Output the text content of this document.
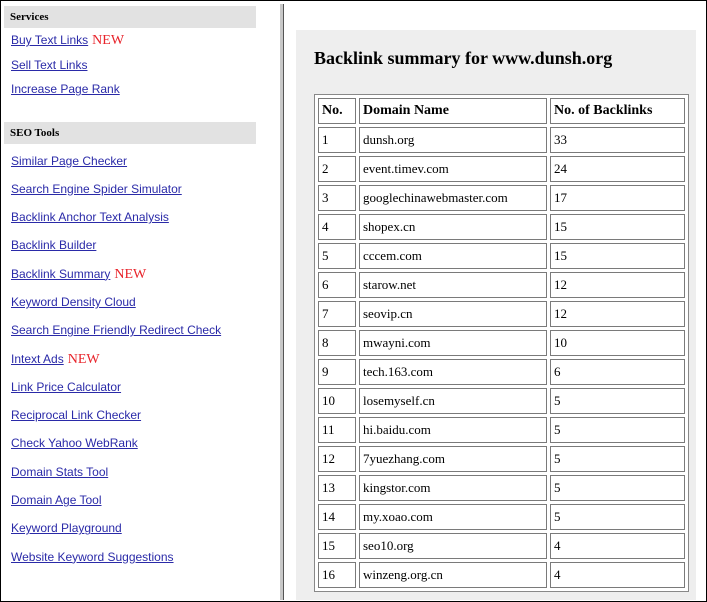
Services
Buy Text Links NEW
Sell Text Links
Increase Page Rank
SEO Tools
Similar Page Checker
Search Engine Spider Simulator
Backlink Anchor Text Analysis
Backlink Builder
Backlink Summary NEW
Keyword Density Cloud
Search Engine Friendly Redirect Check
Intext Ads NEW
Link Price Calculator
Reciprocal Link Checker
Check Yahoo WebRank
Domain Stats Tool
Domain Age Tool
Keyword Playground
Website Keyword Suggestions
Backlink summary for www.dunsh.org
No.	Domain Name	No. of Backlinks
1	dunsh.org	33
2	event.timev.com	24
3	googlechinawebmaster.com	17
4	shopex.cn	15
5	cccem.com	15
6	starow.net	12
7	seovip.cn	12
8	mwayni.com	10
9	tech.163.com	6
10	losemyself.cn	5
11	hi.baidu.com	5
12	7yuezhang.com	5
13	kingstor.com	5
14	my.xoao.com	5
15	seo10.org	4
16	winzeng.org.cn	4
